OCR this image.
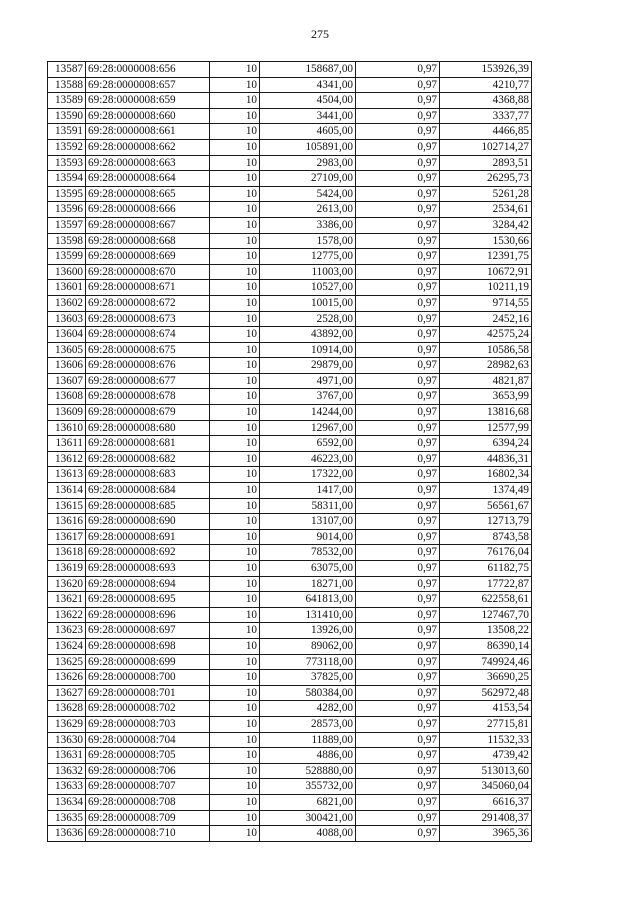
275
13587	69:28:0000008:656	10	158687,00	0,97	153926,39
13588	69:28:0000008:657	10	4341,00	0,97	4210,77
13589	69:28:0000008:659	10	4504,00	0,97	4368,88
13590	69:28:0000008:660	10	3441,00	0,97	3337,77
13591	69:28:0000008:661	10	4605,00	0,97	4466,85
13592	69:28:0000008:662	10	105891,00	0,97	102714,27
13593	69:28:0000008:663	10	2983,00	0,97	2893,51
13594	69:28:0000008:664	10	27109,00	0,97	26295,73
13595	69:28:0000008:665	10	5424,00	0,97	5261,28
13596	69:28:0000008:666	10	2613,00	0,97	2534,61
13597	69:28:0000008:667	10	3386,00	0,97	3284,42
13598	69:28:0000008:668	10	1578,00	0,97	1530,66
13599	69:28:0000008:669	10	12775,00	0,97	12391,75
13600	69:28:0000008:670	10	11003,00	0,97	10672,91
13601	69:28:0000008:671	10	10527,00	0,97	10211,19
13602	69:28:0000008:672	10	10015,00	0,97	9714,55
13603	69:28:0000008:673	10	2528,00	0,97	2452,16
13604	69:28:0000008:674	10	43892,00	0,97	42575,24
13605	69:28:0000008:675	10	10914,00	0,97	10586,58
13606	69:28:0000008:676	10	29879,00	0,97	28982,63
13607	69:28:0000008:677	10	4971,00	0,97	4821,87
13608	69:28:0000008:678	10	3767,00	0,97	3653,99
13609	69:28:0000008:679	10	14244,00	0,97	13816,68
13610	69:28:0000008:680	10	12967,00	0,97	12577,99
13611	69:28:0000008:681	10	6592,00	0,97	6394,24
13612	69:28:0000008:682	10	46223,00	0,97	44836,31
13613	69:28:0000008:683	10	17322,00	0,97	16802,34
13614	69:28:0000008:684	10	1417,00	0,97	1374,49
13615	69:28:0000008:685	10	58311,00	0,97	56561,67
13616	69:28:0000008:690	10	13107,00	0,97	12713,79
13617	69:28:0000008:691	10	9014,00	0,97	8743,58
13618	69:28:0000008:692	10	78532,00	0,97	76176,04
13619	69:28:0000008:693	10	63075,00	0,97	61182,75
13620	69:28:0000008:694	10	18271,00	0,97	17722,87
13621	69:28:0000008:695	10	641813,00	0,97	622558,61
13622	69:28:0000008:696	10	131410,00	0,97	127467,70
13623	69:28:0000008:697	10	13926,00	0,97	13508,22
13624	69:28:0000008:698	10	89062,00	0,97	86390,14
13625	69:28:0000008:699	10	773118,00	0,97	749924,46
13626	69:28:0000008:700	10	37825,00	0,97	36690,25
13627	69:28:0000008:701	10	580384,00	0,97	562972,48
13628	69:28:0000008:702	10	4282,00	0,97	4153,54
13629	69:28:0000008:703	10	28573,00	0,97	27715,81
13630	69:28:0000008:704	10	11889,00	0,97	11532,33
13631	69:28:0000008:705	10	4886,00	0,97	4739,42
13632	69:28:0000008:706	10	528880,00	0,97	513013,60
13633	69:28:0000008:707	10	355732,00	0,97	345060,04
13634	69:28:0000008:708	10	6821,00	0,97	6616,37
13635	69:28:0000008:709	10	300421,00	0,97	291408,37
13636	69:28:0000008:710	10	4088,00	0,97	3965,36
